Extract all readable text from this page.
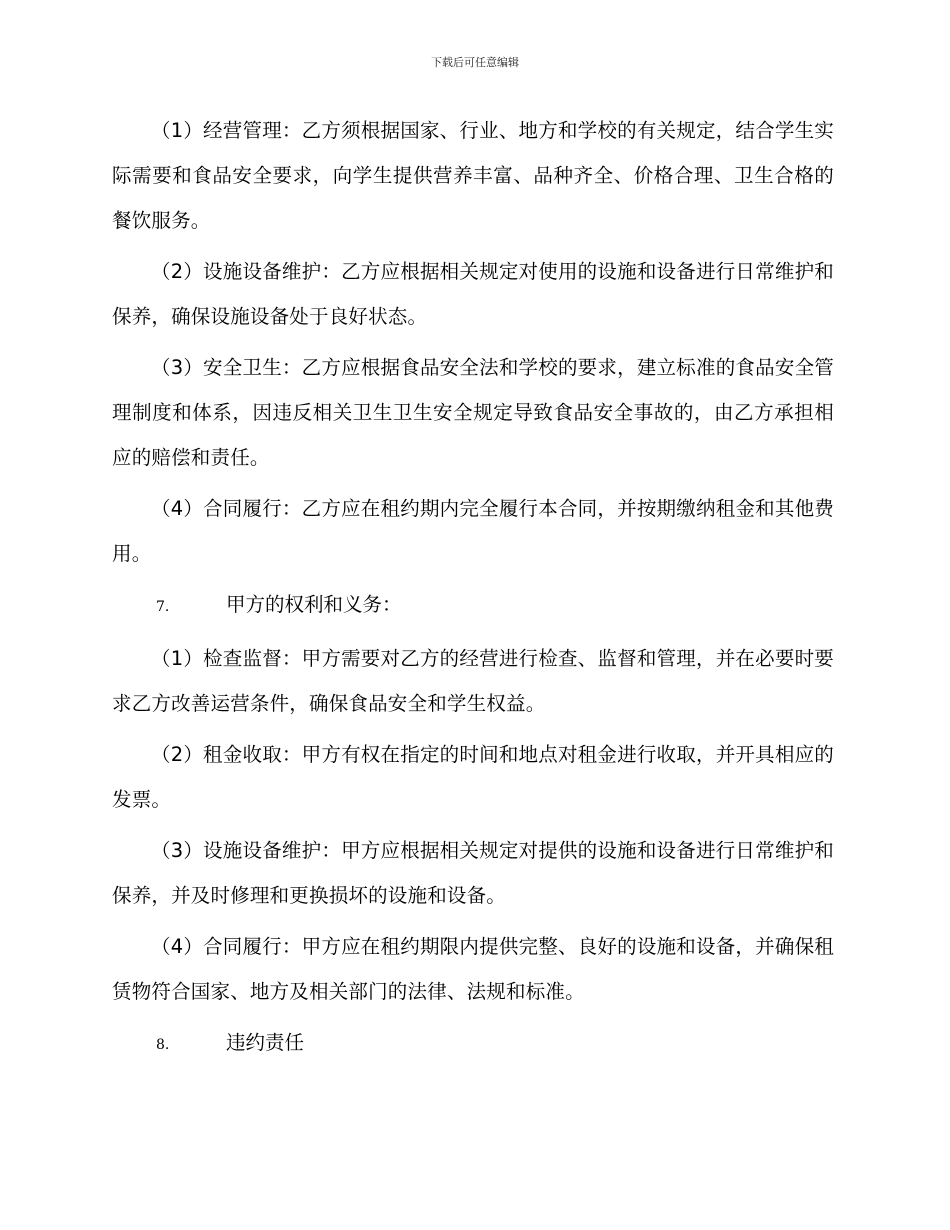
下载后可任意编辑

（1）经营管理：乙方须根据国家、行业、地方和学校的有关规定，结合学生实际需要和食品安全要求，向学生提供营养丰富、品种齐全、价格合理、卫生合格的餐饮服务。

（2）设施设备维护：乙方应根据相关规定对使用的设施和设备进行日常维护和保养，确保设施设备处于良好状态。

（3）安全卫生：乙方应根据食品安全法和学校的要求，建立标准的食品安全管理制度和体系，因违反相关卫生卫生安全规定导致食品安全事故的，由乙方承担相应的赔偿和责任。

（4）合同履行：乙方应在租约期内完全履行本合同，并按期缴纳租金和其他费用。

7.	甲方的权利和义务：

（1）检查监督：甲方需要对乙方的经营进行检查、监督和管理，并在必要时要求乙方改善运营条件，确保食品安全和学生权益。

（2）租金收取：甲方有权在指定的时间和地点对租金进行收取，并开具相应的发票。

（3）设施设备维护：甲方应根据相关规定对提供的设施和设备进行日常维护和保养，并及时修理和更换损坏的设施和设备。

（4）合同履行：甲方应在租约期限内提供完整、良好的设施和设备，并确保租赁物符合国家、地方及相关部门的法律、法规和标准。

8.	违约责任
